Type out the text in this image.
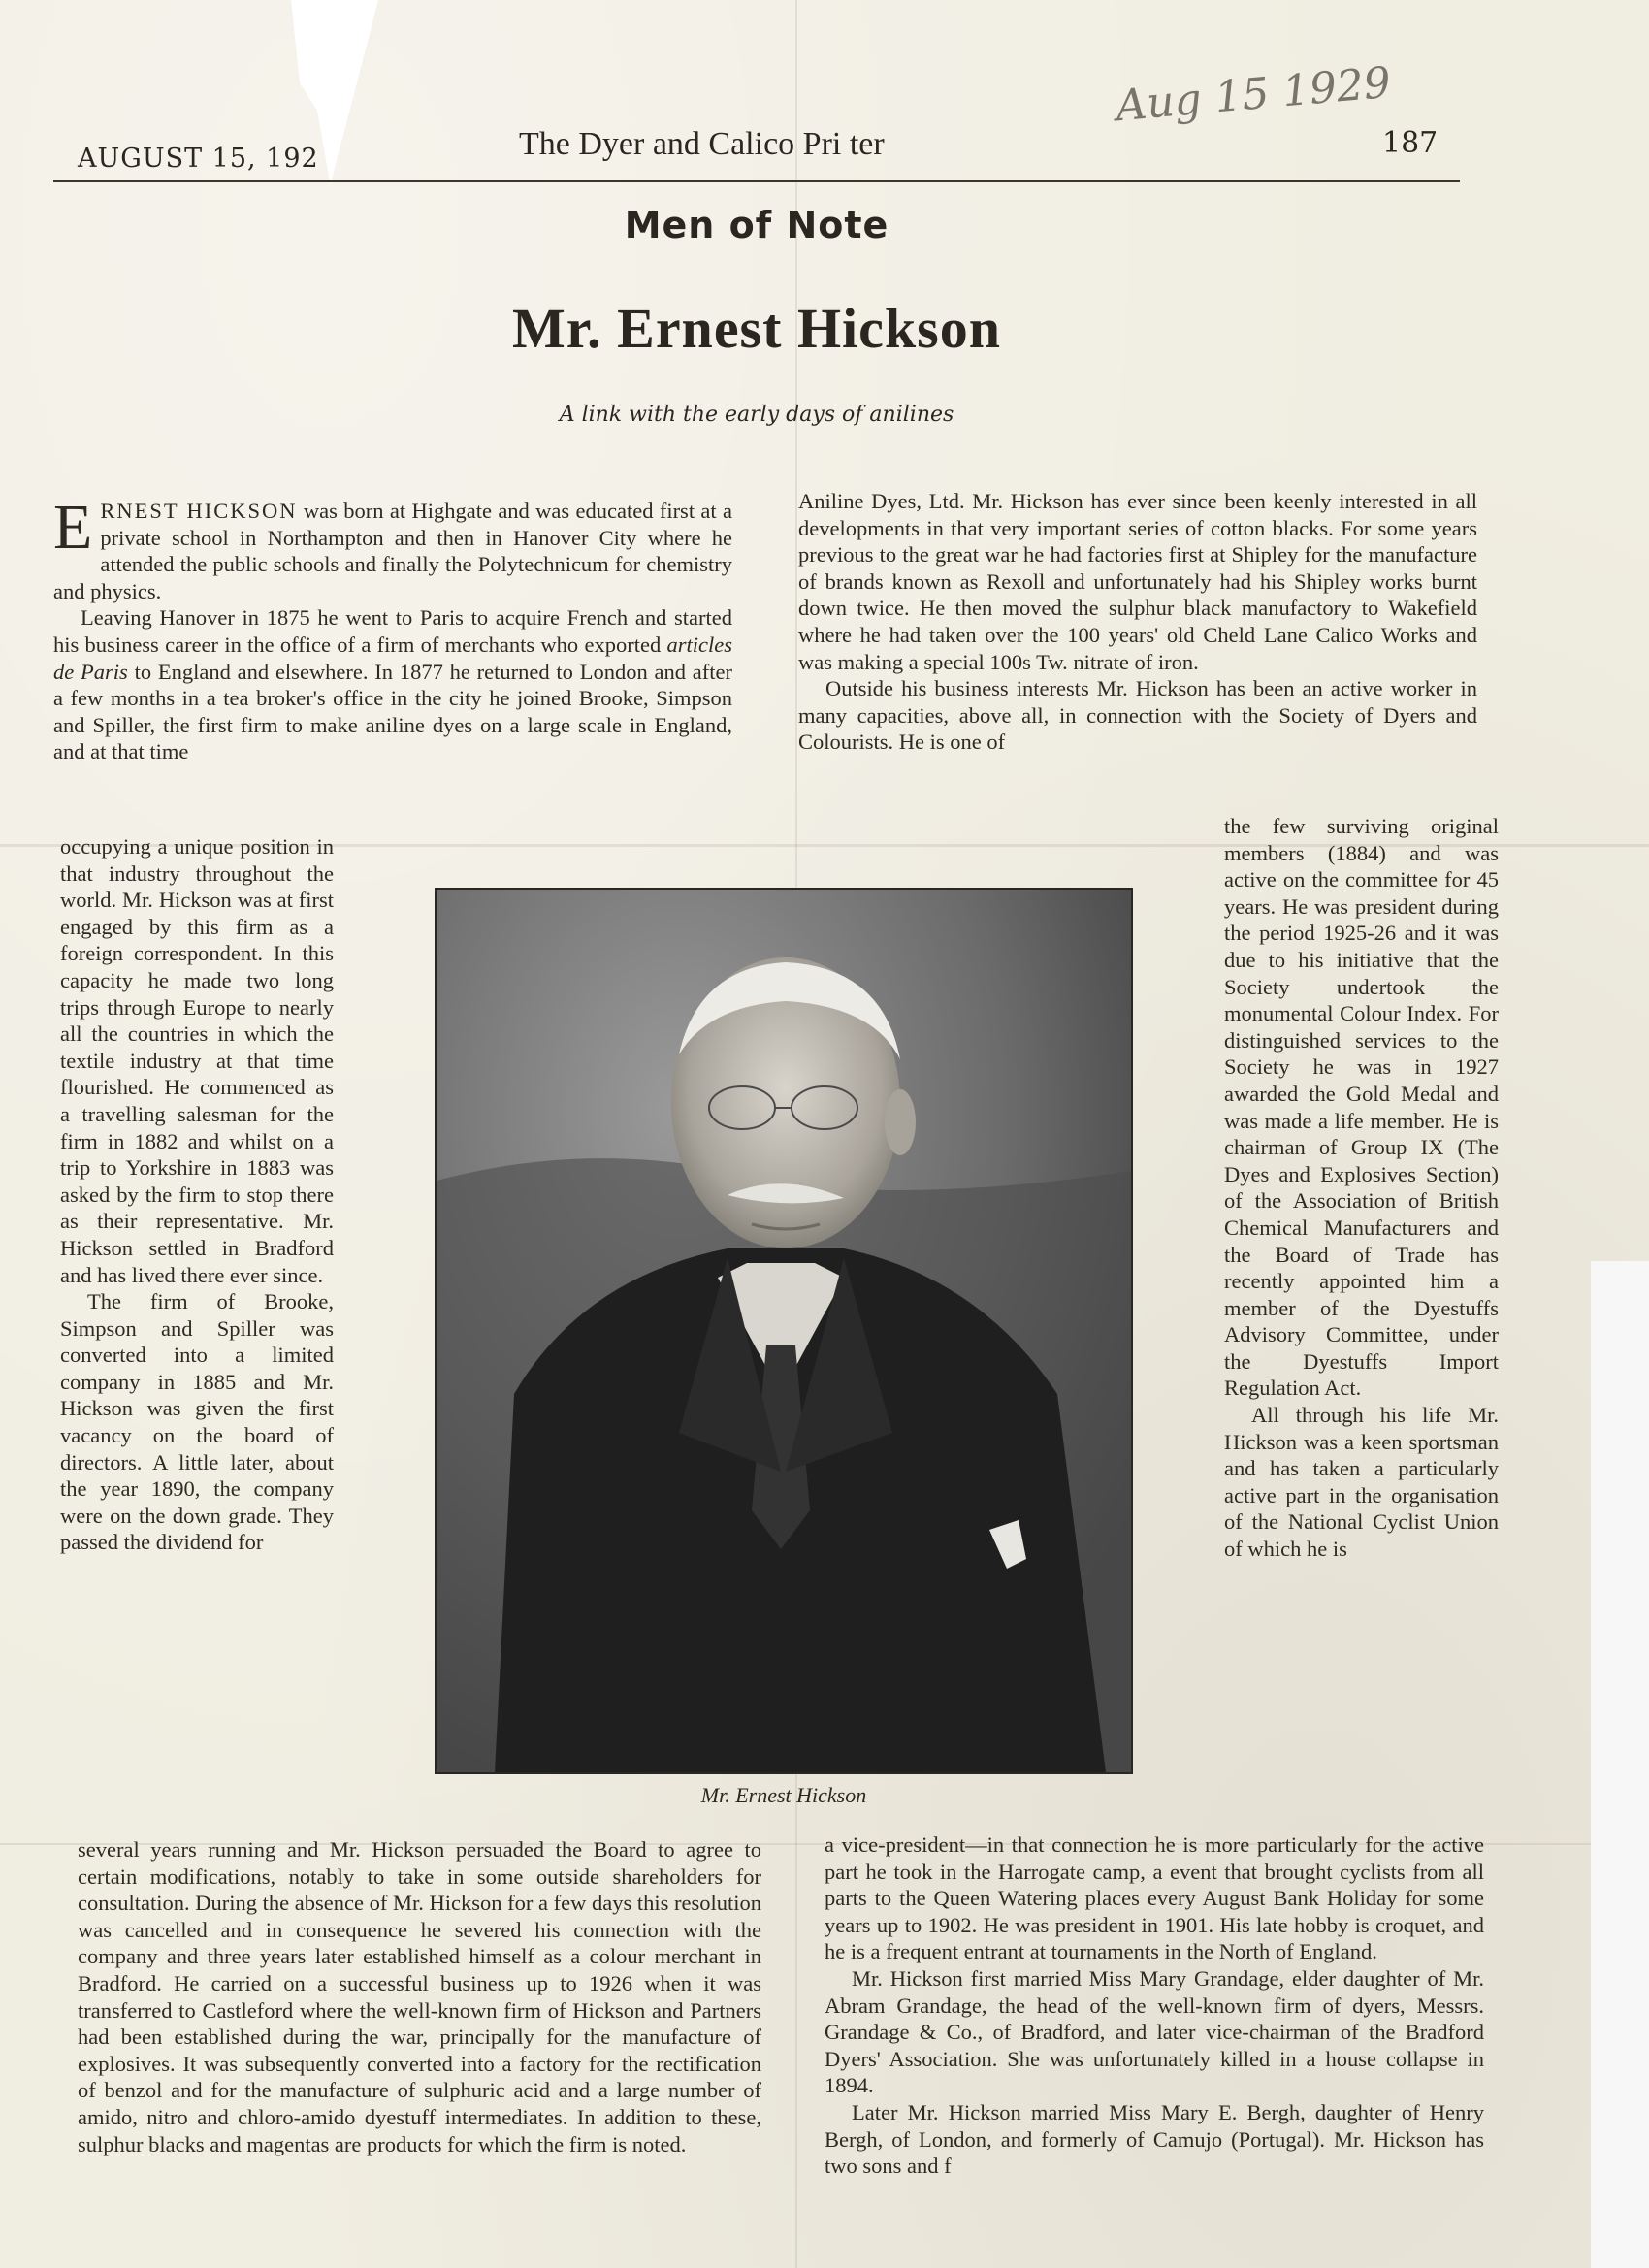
AUGUST 15, 192	The Dyer and Calico Pri ter	187
Aug 15 1929
Men of Note
Mr. Ernest Hickson
A link with the early days of anilines

ERNEST HICKSON was born at Highgate and was educated first at a private school in Northampton and then in Hanover City where he attended the public schools and finally the Polytechnicum for chemistry and physics.

Leaving Hanover in 1875 he went to Paris to acquire French and started his business career in the office of a firm of merchants who exported articles de Paris to England and elsewhere. In 1877 he returned to London and after a few months in a tea broker's office in the city he joined Brooke, Simpson and Spiller, the first firm to make aniline dyes on a large scale in England, and at that time

occupying a unique position in that industry throughout the world. Mr. Hickson was at first engaged by this firm as a foreign correspondent. In this capacity he made two long trips through Europe to nearly all the countries in which the textile industry at that time flourished. He commenced as a travelling salesman for the firm in 1882 and whilst on a trip to Yorkshire in 1883 was asked by the firm to stop there as their representative. Mr. Hickson settled in Bradford and has lived there ever since.

The firm of Brooke, Simpson and Spiller was converted into a limited company in 1885 and Mr. Hickson was given the first vacancy on the board of directors. A little later, about the year 1890, the company were on the down grade. They passed the dividend for

several years running and Mr. Hickson persuaded the Board to agree to certain modifications, notably to take in some outside shareholders for consultation. During the absence of Mr. Hickson for a few days this resolution was cancelled and in consequence he severed his connection with the company and three years later established himself as a colour merchant in Bradford. He carried on a successful business up to 1926 when it was transferred to Castleford where the well-known firm of Hickson and Partners had been established during the war, principally for the manufacture of explosives. It was subsequently converted into a factory for the rectification of benzol and for the manufacture of sulphuric acid and a large number of amido, nitro and chloro-amido dyestuff intermediates. In addition to these, sulphur blacks and magentas are products for which the firm is noted.

Aniline Dyes, Ltd. Mr. Hickson has ever since been keenly interested in all developments in that very important series of cotton blacks. For some years previous to the great war he had factories first at Shipley for the manufacture of brands known as Rexoll and unfortunately had his Shipley works burnt down twice. He then moved the sulphur black manufactory to Wakefield where he had taken over the 100 years' old Cheld Lane Calico Works and was making a special 100s Tw. nitrate of iron.

Outside his business interests Mr. Hickson has been an active worker in many capacities, above all, in connection with the Society of Dyers and Colourists. He is one of

the few surviving original members (1884) and was active on the committee for 45 years. He was president during the period 1925-26 and it was due to his initiative that the Society undertook the monumental Colour Index. For distinguished services to the Society he was in 1927 awarded the Gold Medal and was made a life member. He is chairman of Group IX (The Dyes and Explosives Section) of the Association of British Chemical Manufacturers and the Board of Trade has recently appointed him a member of the Dyestuffs Advisory Committee, under the Dyestuffs Import Regulation Act.

All through his life Mr. Hickson was a keen sportsman and has taken a particularly active part in the organisation of the National Cyclist Union of which he is

a vice-president—in that connection he is more particularly for the active part he took in the Harrogate camp, a event that brought cyclists from all parts to the Queen Watering places every August Bank Holiday for some years up to 1902. He was president in 1901. His late hobby is croquet, and he is a frequent entrant at tournaments in the North of England.

Mr. Hickson first married Miss Mary Grandage, elder daughter of Mr. Abram Grandage, the head of the well-known firm of dyers, Messrs. Grandage & Co., of Bradford, and later vice-chairman of the Bradford Dyers' Association. She was unfortunately killed in a house collapse in 1894.

Later Mr. Hickson married Miss Mary E. Bergh, daughter of Henry Bergh, of London, and formerly of Camujo (Portugal). Mr. Hickson has two sons and f

Mr. Ernest Hickson
